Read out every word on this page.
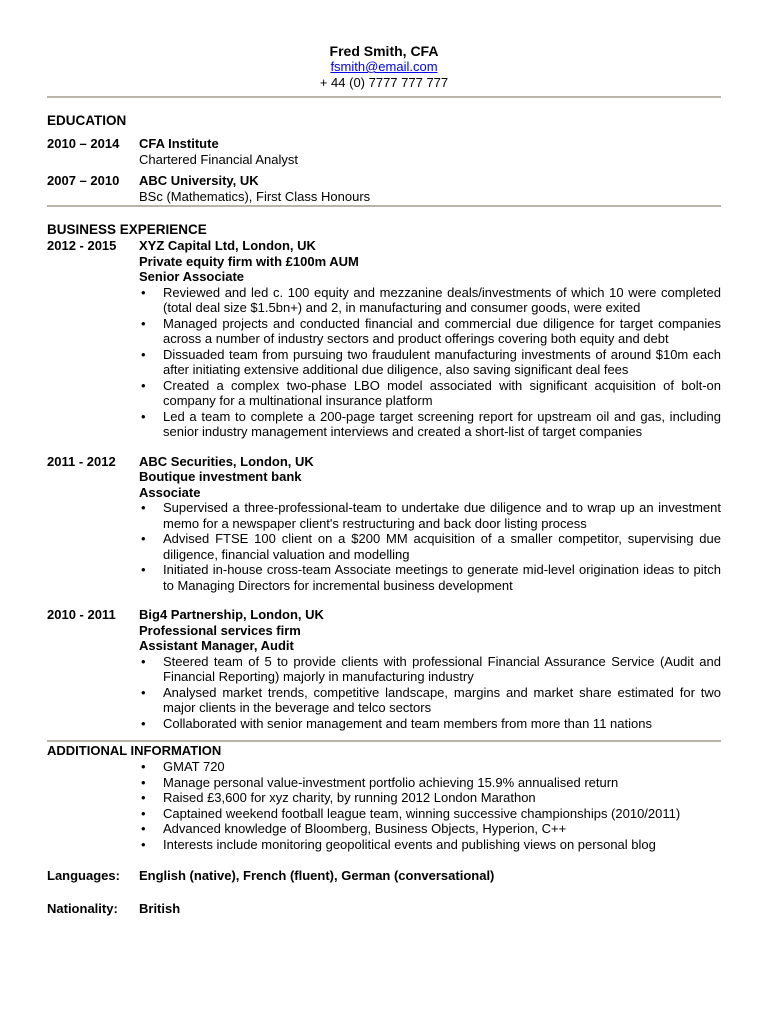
Fred Smith, CFA
fsmith@email.com
+ 44 (0) 7777 777 777
EDUCATION
2010 – 2014	CFA Institute
Chartered Financial Analyst
2007 – 2010	ABC University, UK
BSc (Mathematics), First Class Honours
BUSINESS EXPERIENCE
2012 - 2015	XYZ Capital Ltd, London, UK
Private equity firm with £100m AUM
Senior Associate
• Reviewed and led c. 100 equity and mezzanine deals/investments of which 10 were completed (total deal size $1.5bn+) and 2, in manufacturing and consumer goods, were exited
• Managed projects and conducted financial and commercial due diligence for target companies across a number of industry sectors and product offerings covering both equity and debt
• Dissuaded team from pursuing two fraudulent manufacturing investments of around $10m each after initiating extensive additional due diligence, also saving significant deal fees
• Created a complex two-phase LBO model associated with significant acquisition of bolt-on company for a multinational insurance platform
• Led a team to complete a 200-page target screening report for upstream oil and gas, including senior industry management interviews and created a short-list of target companies
2011 - 2012	ABC Securities, London, UK
Boutique investment bank
Associate
• Supervised a three-professional-team to undertake due diligence and to wrap up an investment memo for a newspaper client's restructuring and back door listing process
• Advised FTSE 100 client on a $200 MM acquisition of a smaller competitor, supervising due diligence, financial valuation and modelling
• Initiated in-house cross-team Associate meetings to generate mid-level origination ideas to pitch to Managing Directors for incremental business development
2010 - 2011	Big4 Partnership, London, UK
Professional services firm
Assistant Manager, Audit
• Steered team of 5 to provide clients with professional Financial Assurance Service (Audit and Financial Reporting) majorly in manufacturing industry
• Analysed market trends, competitive landscape, margins and market share estimated for two major clients in the beverage and telco sectors
• Collaborated with senior management and team members from more than 11 nations
ADDITIONAL INFORMATION
• GMAT 720
• Manage personal value-investment portfolio achieving 15.9% annualised return
• Raised £3,600 for xyz charity, by running 2012 London Marathon
• Captained weekend football league team, winning successive championships (2010/2011)
• Advanced knowledge of Bloomberg, Business Objects, Hyperion, C++
• Interests include monitoring geopolitical events and publishing views on personal blog
Languages:	English (native), French (fluent), German (conversational)
Nationality:	British
